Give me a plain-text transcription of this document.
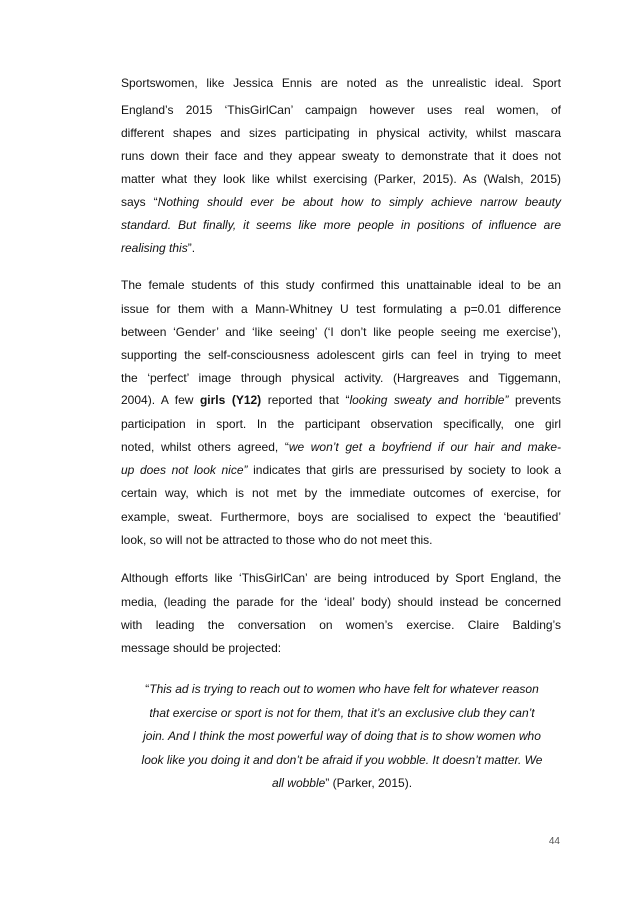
Sportswomen, like Jessica Ennis are noted as the unrealistic ideal. Sport
England’s 2015 ‘ThisGirlCan’ campaign however uses real women, of
different shapes and sizes participating in physical activity, whilst mascara
runs down their face and they appear sweaty to demonstrate that it does not
matter what they look like whilst exercising (Parker, 2015). As (Walsh, 2015)
says “Nothing should ever be about how to simply achieve narrow beauty
standard. But finally, it seems like more people in positions of influence are
realising this”.
The female students of this study confirmed this unattainable ideal to be an
issue for them with a Mann-Whitney U test formulating a p=0.01 difference
between ‘Gender’ and ‘like seeing’ (‘I don’t like people seeing me exercise’),
supporting the self-consciousness adolescent girls can feel in trying to meet
the ‘perfect’ image through physical activity. (Hargreaves and Tiggemann,
2004). A few girls (Y12) reported that “looking sweaty and horrible” prevents
participation in sport. In the participant observation specifically, one girl
noted, whilst others agreed, “we won’t get a boyfriend if our hair and make-
up does not look nice” indicates that girls are pressurised by society to look a
certain way, which is not met by the immediate outcomes of exercise, for
example, sweat. Furthermore, boys are socialised to expect the ‘beautified’
look, so will not be attracted to those who do not meet this.
Although efforts like ‘ThisGirlCan’ are being introduced by Sport England, the
media, (leading the parade for the ‘ideal’ body) should instead be concerned
with leading the conversation on women’s exercise. Claire Balding’s
message should be projected:
“This ad is trying to reach out to women who have felt for whatever reason
that exercise or sport is not for them, that it’s an exclusive club they can’t
join. And I think the most powerful way of doing that is to show women who
look like you doing it and don’t be afraid if you wobble. It doesn’t matter. We
all wobble” (Parker, 2015).
44
